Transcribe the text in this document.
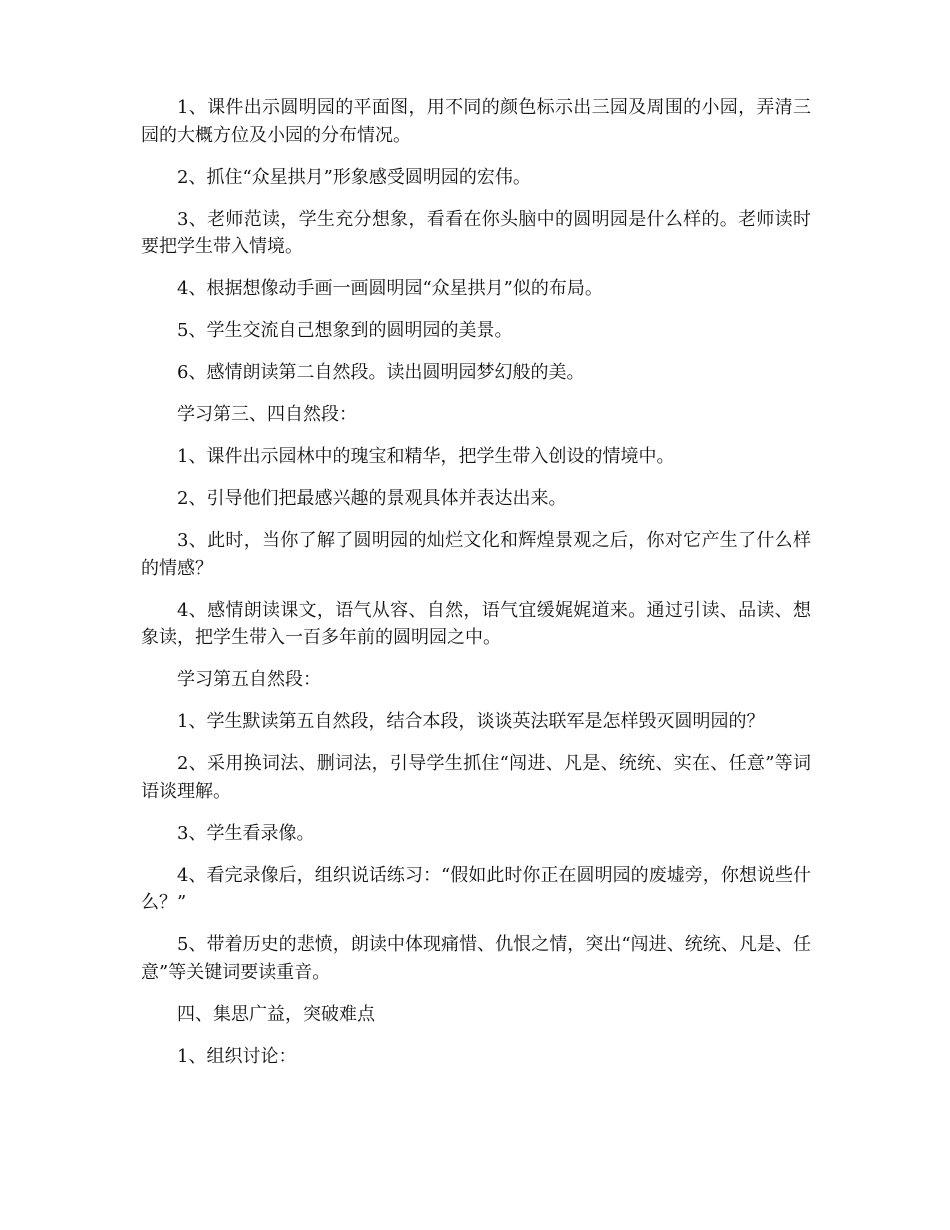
1、课件出示圆明园的平面图，用不同的颜色标示出三园及周围的小园，弄清三园的大概方位及小园的分布情况。

2、抓住“众星拱月”形象感受圆明园的宏伟。

3、老师范读，学生充分想象，看看在你头脑中的圆明园是什么样的。老师读时要把学生带入情境。

4、根据想像动手画一画圆明园“众星拱月”似的布局。

5、学生交流自己想象到的圆明园的美景。

6、感情朗读第二自然段。读出圆明园梦幻般的美。

学习第三、四自然段：

1、课件出示园林中的瑰宝和精华，把学生带入创设的情境中。

2、引导他们把最感兴趣的景观具体并表达出来。

3、此时，当你了解了圆明园的灿烂文化和辉煌景观之后，你对它产生了什么样的情感？

4、感情朗读课文，语气从容、自然，语气宜缓娓娓道来。通过引读、品读、想象读，把学生带入一百多年前的圆明园之中。

学习第五自然段：

1、学生默读第五自然段，结合本段，谈谈英法联军是怎样毁灭圆明园的？

2、采用换词法、删词法，引导学生抓住“闯进、凡是、统统、实在、任意”等词语谈理解。

3、学生看录像。

4、看完录像后，组织说话练习：“假如此时你正在圆明园的废墟旁，你想说些什么？”

5、带着历史的悲愤，朗读中体现痛惜、仇恨之情，突出“闯进、统统、凡是、任意”等关键词要读重音。

四、集思广益，突破难点

1、组织讨论：
